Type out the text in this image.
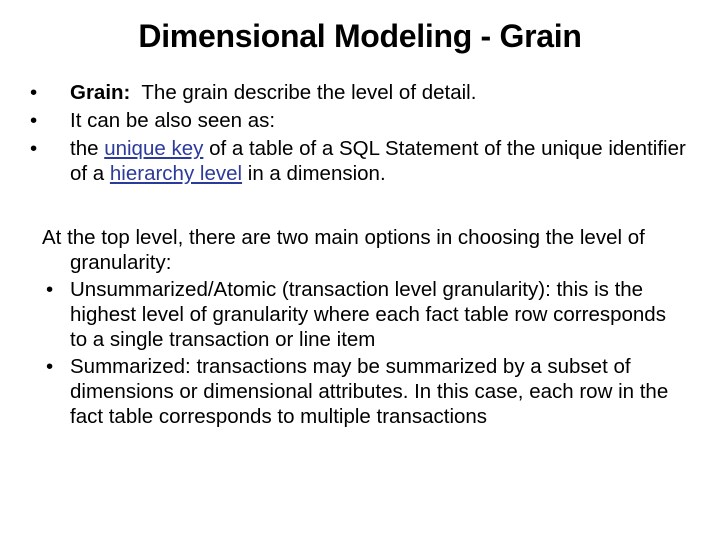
Dimensional Modeling - Grain
• Grain:  The grain describe the level of detail.
• It can be also seen as:
• the unique key of a table of a SQL Statement of the unique identifier of a hierarchy level in a dimension.
At the top level, there are two main options in choosing the level of granularity:
• Unsummarized/Atomic (transaction level granularity): this is the highest level of granularity where each fact table row corresponds to a single transaction or line item
• Summarized: transactions may be summarized by a subset of dimensions or dimensional attributes. In this case, each row in the fact table corresponds to multiple transactions
